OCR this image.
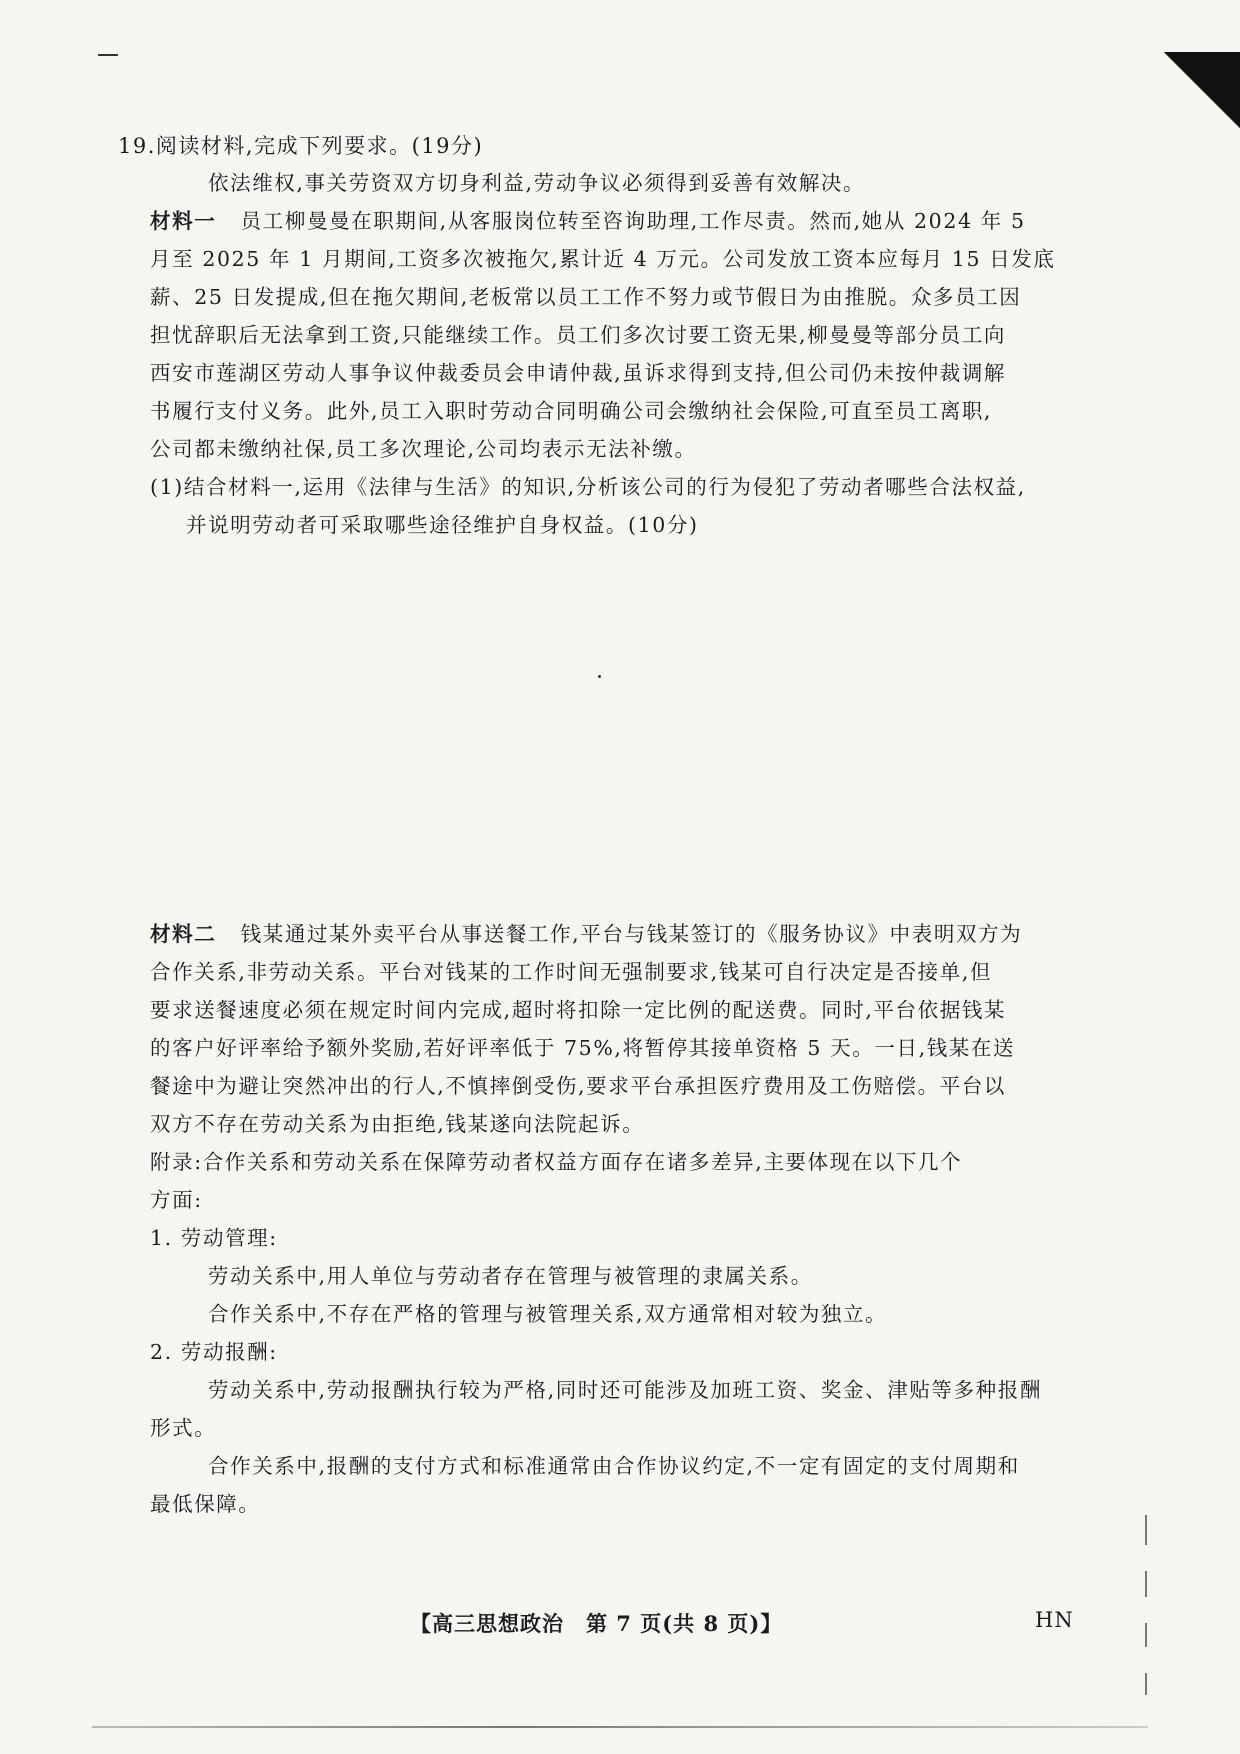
19.阅读材料,完成下列要求。(19分)
依法维权,事关劳资双方切身利益,劳动争议必须得到妥善有效解决。
材料一 员工柳曼曼在职期间,从客服岗位转至咨询助理,工作尽责。然而,她从 2024 年 5
月至 2025 年 1 月期间,工资多次被拖欠,累计近 4 万元。公司发放工资本应每月 15 日发底
薪、25 日发提成,但在拖欠期间,老板常以员工工作不努力或节假日为由推脱。众多员工因
担忧辞职后无法拿到工资,只能继续工作。员工们多次讨要工资无果,柳曼曼等部分员工向
西安市莲湖区劳动人事争议仲裁委员会申请仲裁,虽诉求得到支持,但公司仍未按仲裁调解
书履行支付义务。此外,员工入职时劳动合同明确公司会缴纳社会保险,可直至员工离职,
公司都未缴纳社保,员工多次理论,公司均表示无法补缴。
(1)结合材料一,运用《法律与生活》的知识,分析该公司的行为侵犯了劳动者哪些合法权益,
并说明劳动者可采取哪些途径维护自身权益。(10分)
材料二 钱某通过某外卖平台从事送餐工作,平台与钱某签订的《服务协议》中表明双方为
合作关系,非劳动关系。平台对钱某的工作时间无强制要求,钱某可自行决定是否接单,但
要求送餐速度必须在规定时间内完成,超时将扣除一定比例的配送费。同时,平台依据钱某
的客户好评率给予额外奖励,若好评率低于 75%,将暂停其接单资格 5 天。一日,钱某在送
餐途中为避让突然冲出的行人,不慎摔倒受伤,要求平台承担医疗费用及工伤赔偿。平台以
双方不存在劳动关系为由拒绝,钱某遂向法院起诉。
附录:合作关系和劳动关系在保障劳动者权益方面存在诸多差异,主要体现在以下几个
方面:
1. 劳动管理:
劳动关系中,用人单位与劳动者存在管理与被管理的隶属关系。
合作关系中,不存在严格的管理与被管理关系,双方通常相对较为独立。
2. 劳动报酬:
劳动关系中,劳动报酬执行较为严格,同时还可能涉及加班工资、奖金、津贴等多种报酬
形式。
合作关系中,报酬的支付方式和标准通常由合作协议约定,不一定有固定的支付周期和
最低保障。
【高三思想政治　第 7 页(共 8 页)】	HN
